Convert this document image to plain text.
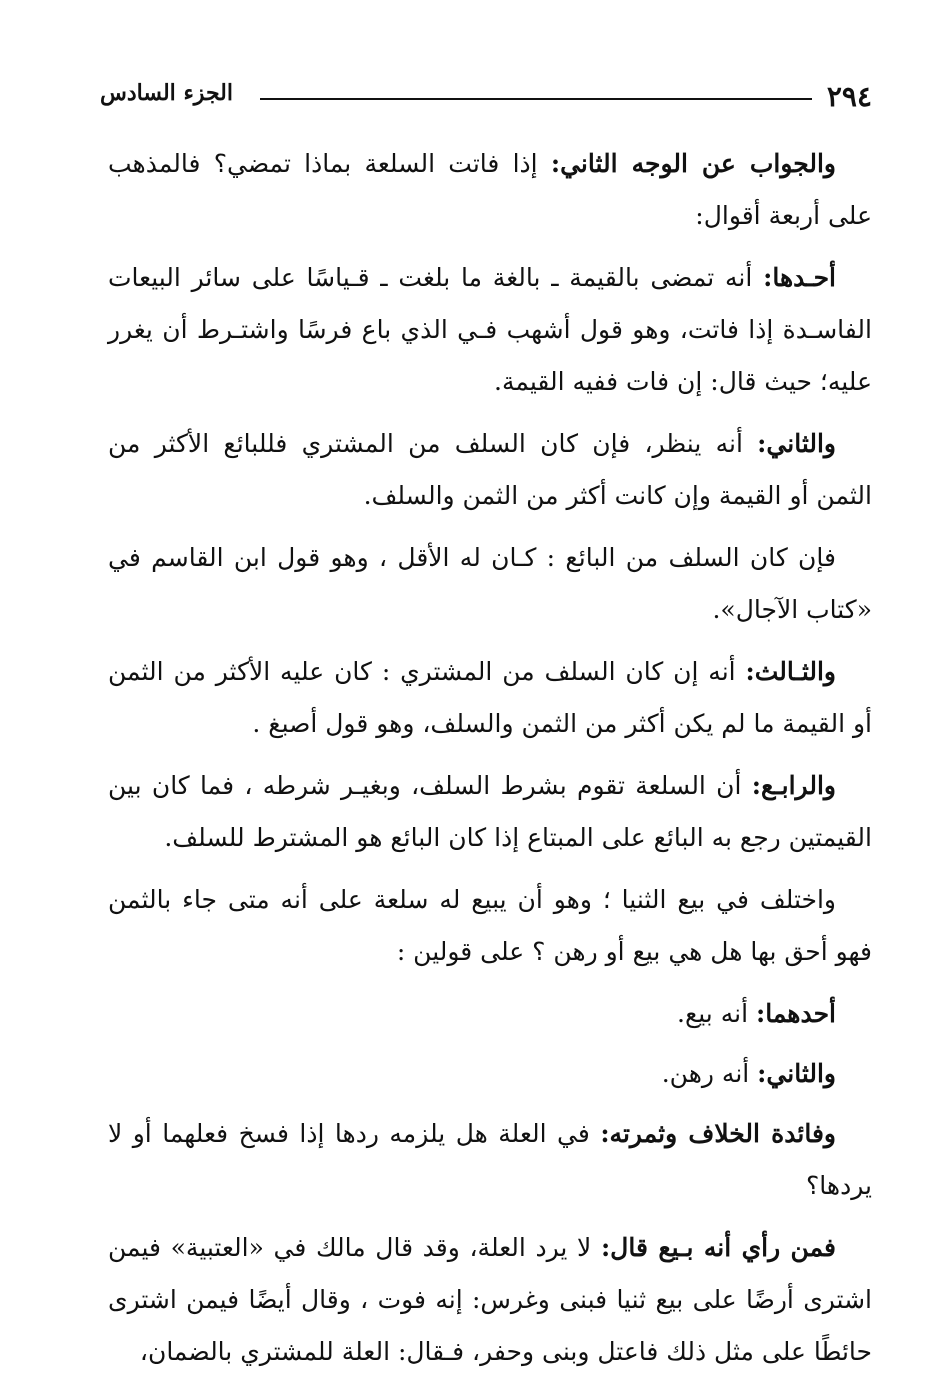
٢٩٤
الجزء السادس

والجواب عن الوجه الثاني: إذا فاتت السلعة بماذا تمضي؟ فالمذهب على أربعة أقوال:

أحـدها: أنه تمضى بالقيمة ـ بالغة ما بلغت ـ قـياسًا على سائر البيعات الفاسـدة إذا فاتت، وهو قول أشهب فـي الذي باع فرسًا واشتـرط أن يغرر عليه؛ حيث قال: إن فات ففيه القيمة.

والثاني: أنه ينظر، فإن كان السلف من المشتري فللبائع الأكثر من الثمن أو القيمة وإن كانت أكثر من الثمن والسلف.

فإن كان السلف من البائع : كـان له الأقل ، وهو قول ابن القاسم في «كتاب الآجال».

والثـالث: أنه إن كان السلف من المشتري : كان عليه الأكثر من الثمن أو القيمة ما لم يكن أكثر من الثمن والسلف، وهو قول أصبغ .

والرابـع: أن السلعة تقوم بشرط السلف، وبغيـر شرطه ، فما كان بين القيمتين رجع به البائع على المبتاع إذا كان البائع هو المشترط للسلف.

واختلف في بيع الثنيا ؛ وهو أن يبيع له سلعة على أنه متى جاء بالثمن فهو أحق بها هل هي بيع أو رهن ؟ على قولين :

أحدهما: أنه بيع.

والثاني: أنه رهن.

وفائدة الخلاف وثمرته: في العلة هل يلزمه ردها إذا فسخ فعلهما أو لا يردها؟

فمن رأي أنه بـيع قال: لا يرد العلة، وقد قال مالك في «العتبية» فيمن اشترى أرضًا على بيع ثنيا فبنى وغرس: إنه فوت ، وقال أيضًا فيمن اشترى حائطًا على مثل ذلك فاعتل وبنى وحفر، فـقال: العلة للمشتري بالضمان،
